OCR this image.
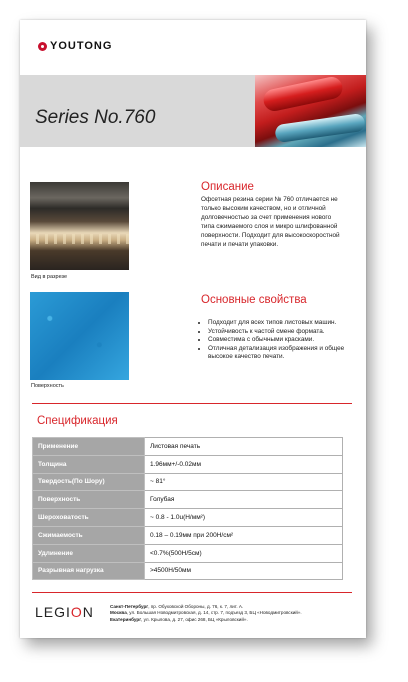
YOUTONG
Series No.760
Вид в разрезе
Поверхность
Описание
Офсетная резина серии № 760 отличается не только высоким качеством, но и отличной долговечностью за счет применения нового типа сжимаемого слоя и микро шлифованной поверхности. Подходит для высокоскоростной печати и печати упаковки.
Основные свойства
• Подходит для всех типов листовых машин.
• Устойчивость к частой смене формата.
• Совместима с обычными красками.
• Отличная детализация изображения и общее высокое качество печати.
Спецификация
Применение	Листовая печать
Толщина	1.96мм+/-0.02мм
Твердость(По Шору)	~ 81°
Поверхность	Голубая
Шероховатость	~ 0.8 - 1.0u(Н/мм²)
Сжимаемость	0.18 – 0.19мм при 200Н/см²
Удлинение	<0.7%(500Н/5см)
Разрывная нагрузка	>4500Н/50мм
LEGION	Санкт-Петербург, пр. Обуховской Обороны, д. 76, к. 7, лит. А.
Москва, ул. Большая Новодмитровская, д. 14, стр. 7, подъезд 3, БЦ «Новодмитровский».
Екатеринбург, ул. Крылова, д. 27, офис 268, БЦ «Крыловский».
